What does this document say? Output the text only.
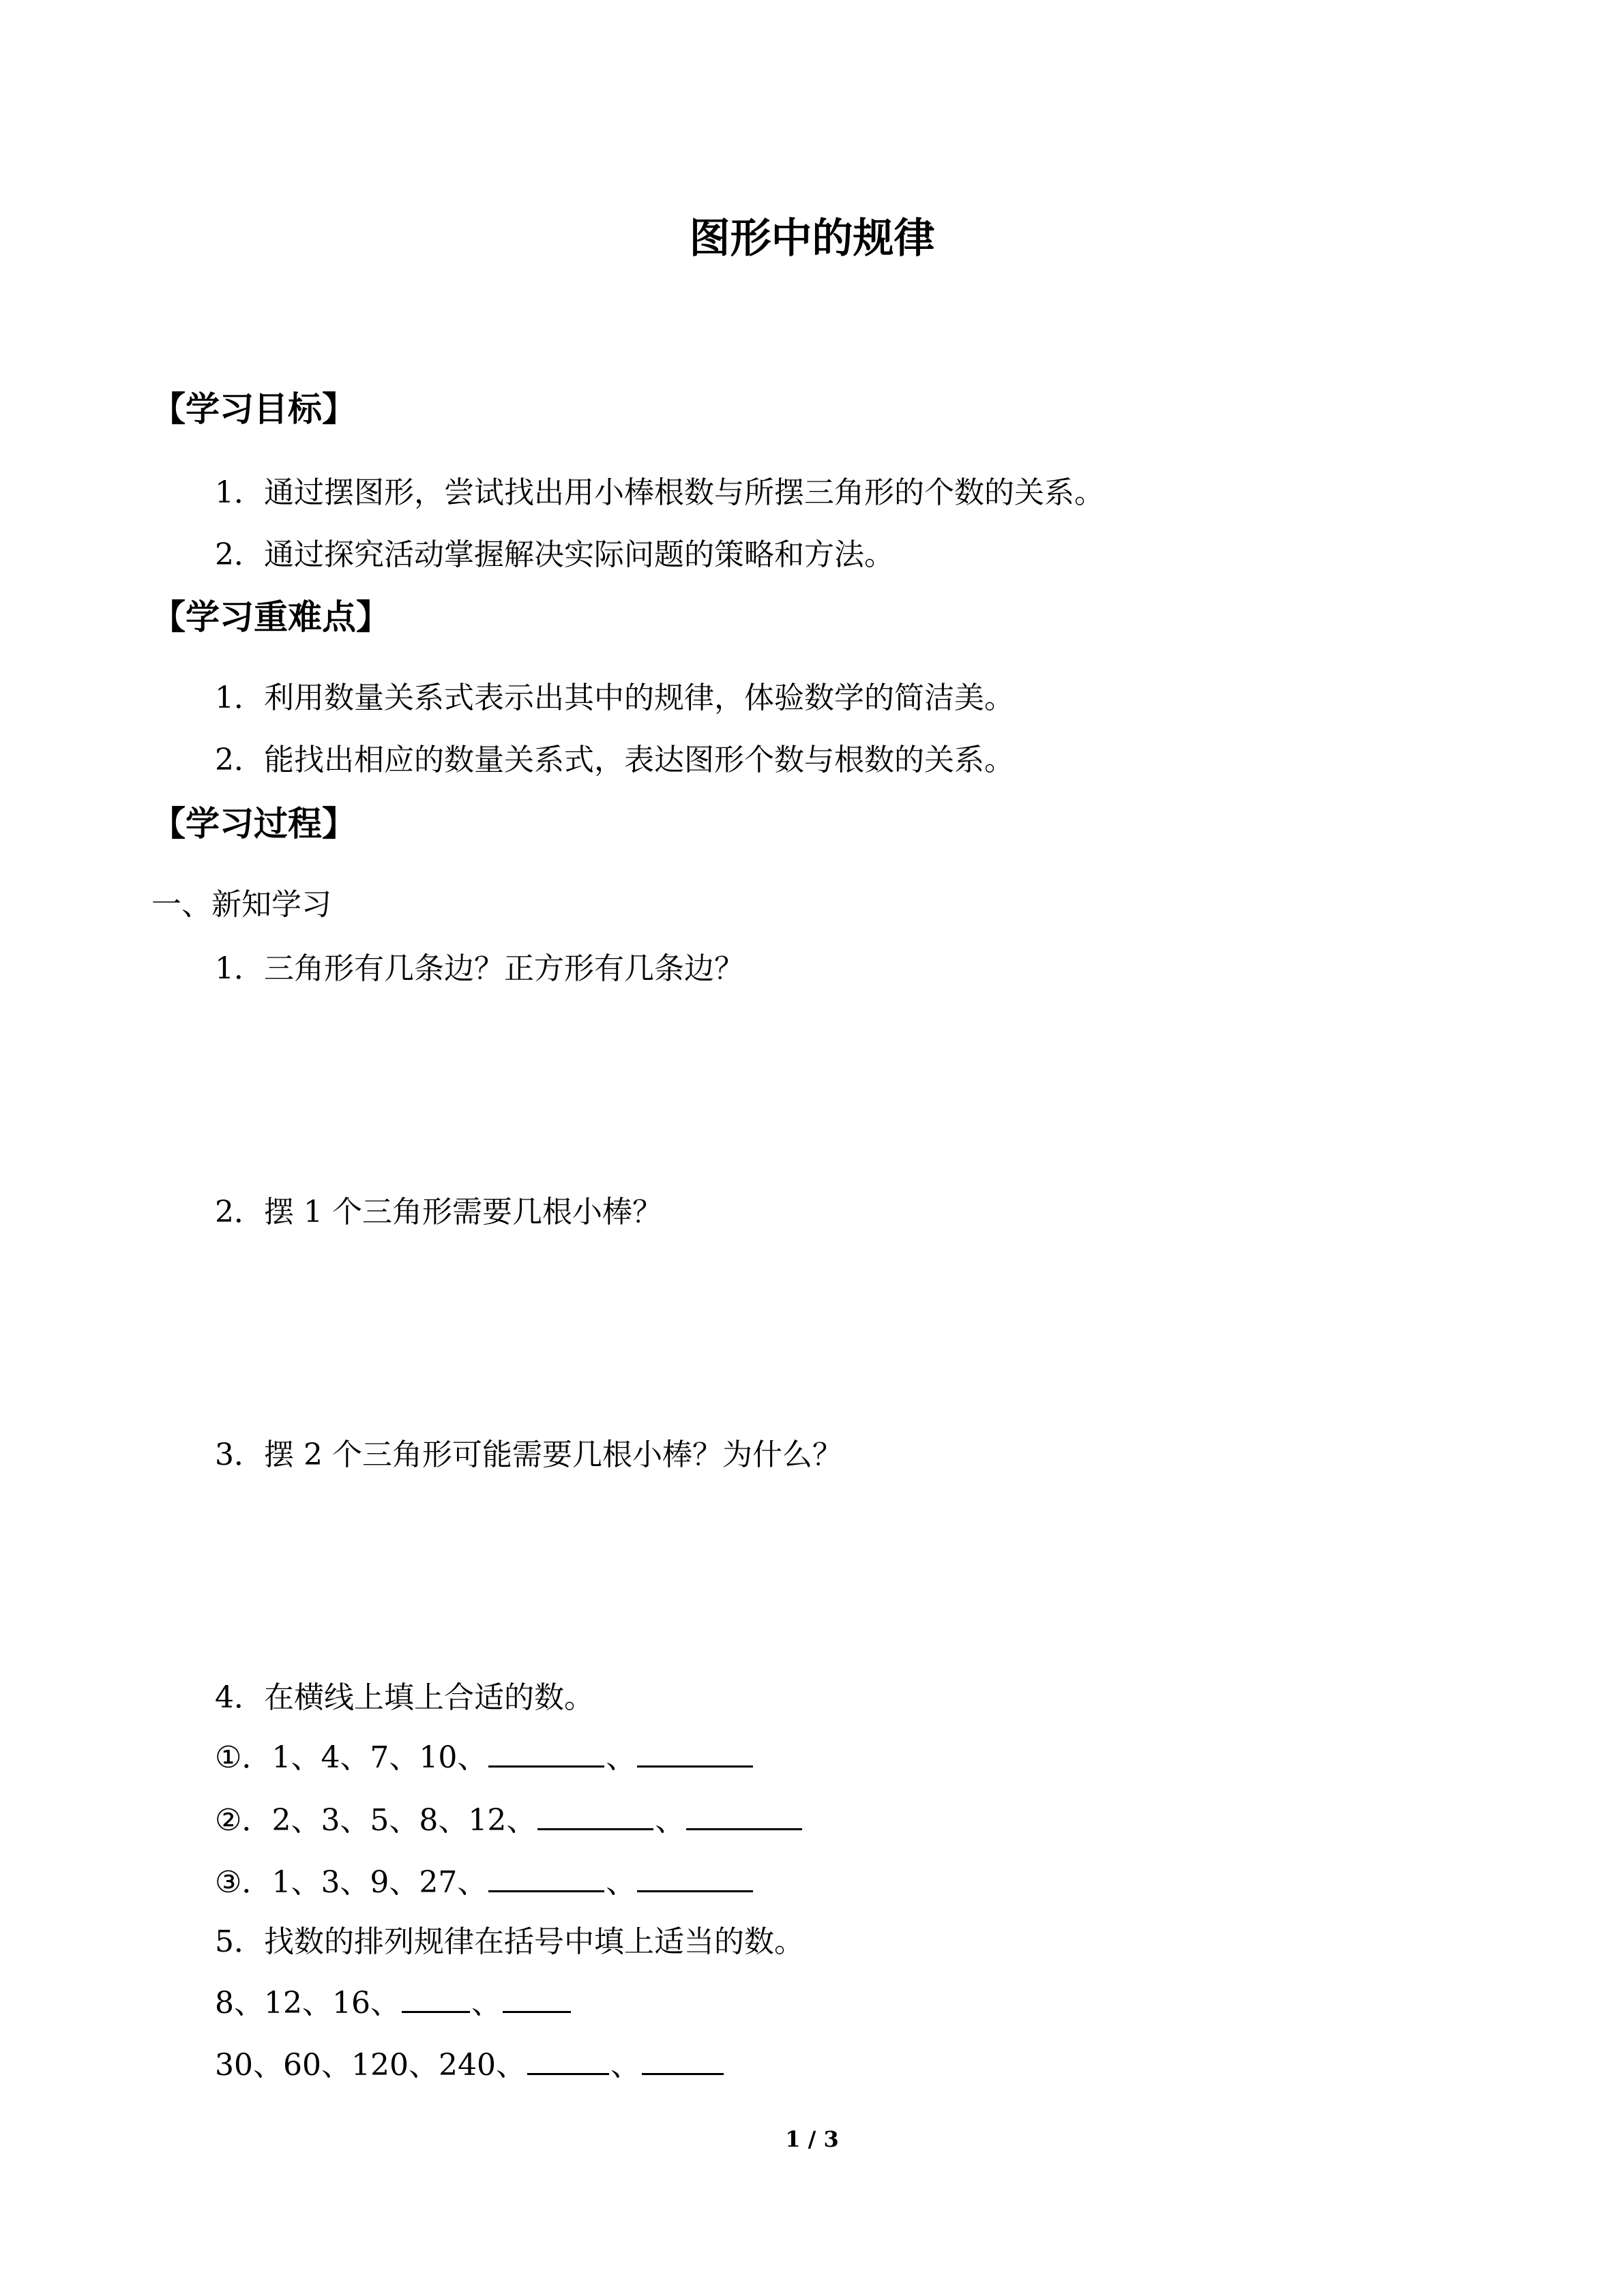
图形中的规律
【学习目标】
1．通过摆图形，尝试找出用小棒根数与所摆三角形的个数的关系。
2．通过探究活动掌握解决实际问题的策略和方法。
【学习重难点】
1．利用数量关系式表示出其中的规律，体验数学的简洁美。
2．能找出相应的数量关系式，表达图形个数与根数的关系。
【学习过程】
一、新知学习
1．三角形有几条边？正方形有几条边？
2．摆 1 个三角形需要几根小棒？
3．摆 2 个三角形可能需要几根小棒？为什么？
4．在横线上填上合适的数。
①．1、4、7、10、	、
②．2、3、5、8、12、	、
③．1、3、9、27、	、
5．找数的排列规律在括号中填上适当的数。
8、12、16、 、
30、60、120、240、	、
1 / 3
